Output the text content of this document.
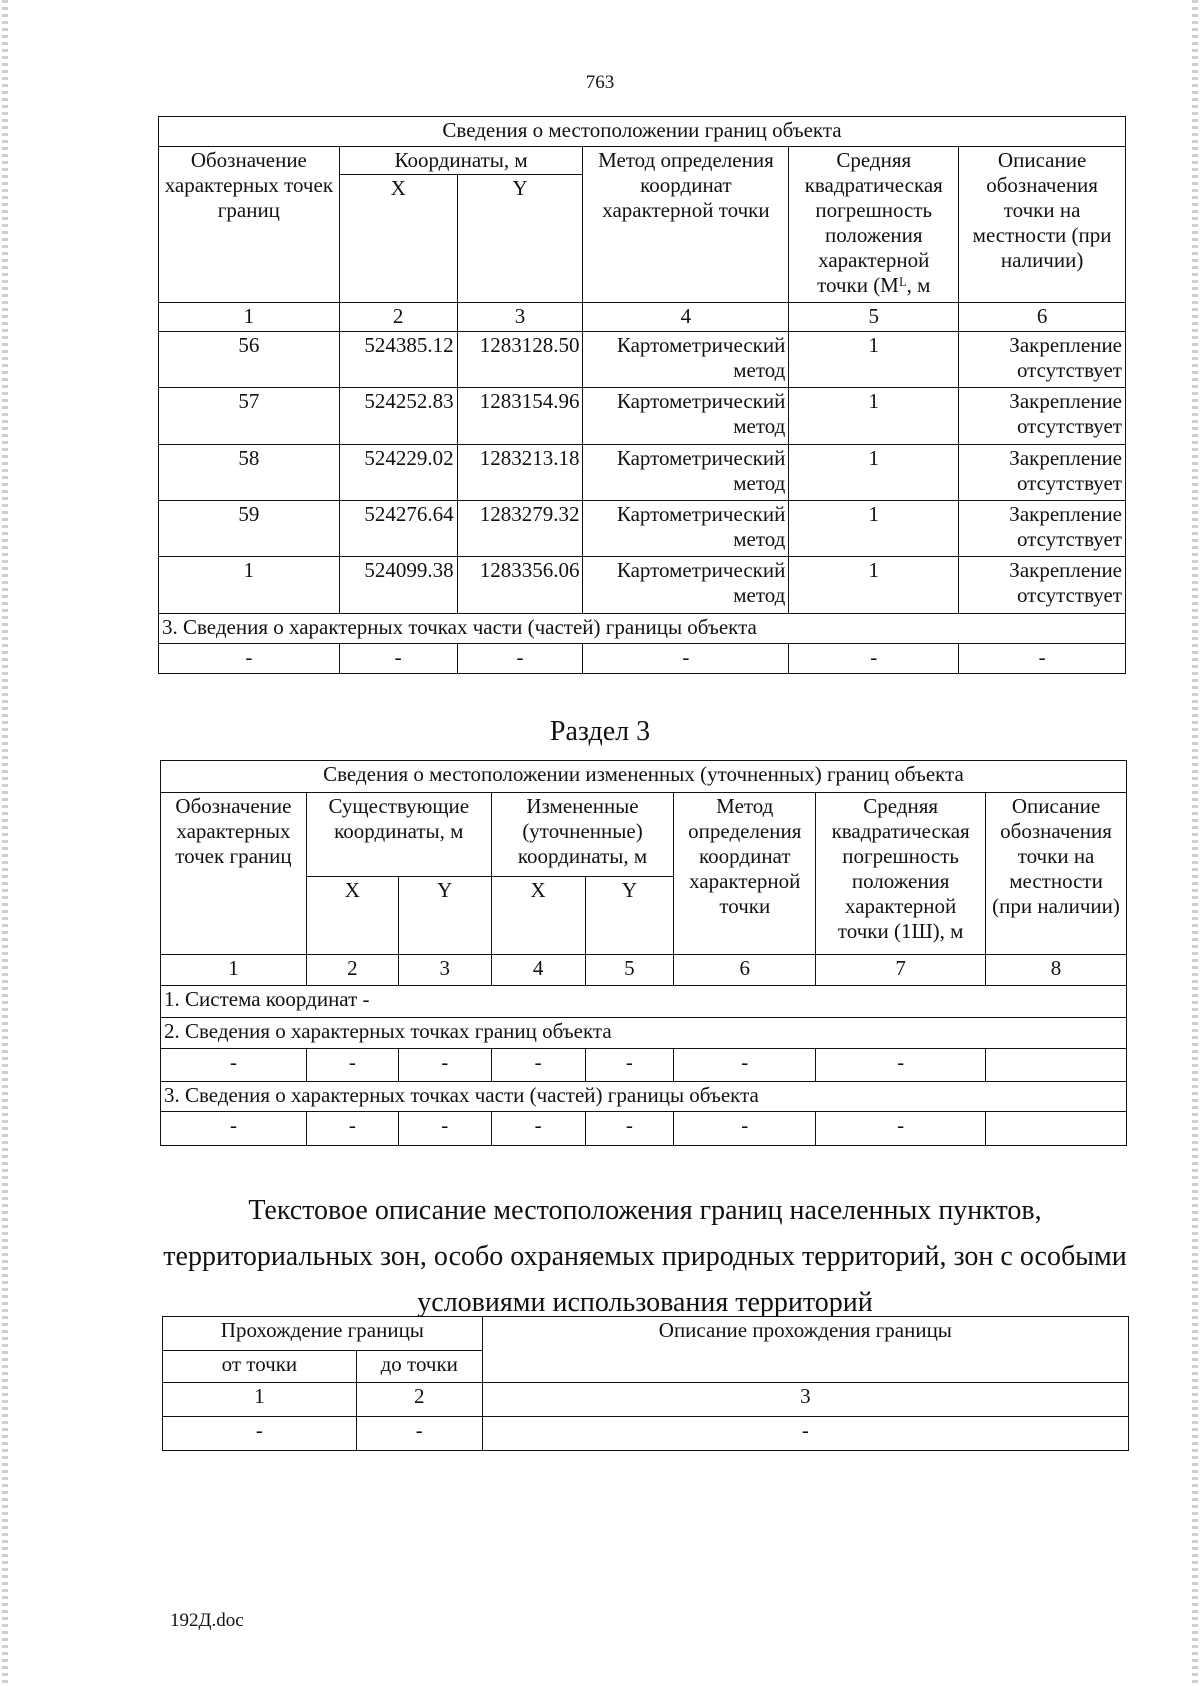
763
Сведения о местоположении границ объекта					
Обозначение характерных точек границ	Координаты, м		Метод определения координат характерной точки	Средняя квадратическая погрешность положения характерной точки (Mᴸ, м	Описание обозначения точки на местности (при наличии)
	X	Y			
1	2	3	4	5	6
56	524385.12	1283128.50	Картометрический метод	1	Закрепление отсутствует
57	524252.83	1283154.96	Картометрический метод	1	Закрепление отсутствует
58	524229.02	1283213.18	Картометрический метод	1	Закрепление отсутствует
59	524276.64	1283279.32	Картометрический метод	1	Закрепление отсутствует
1	524099.38	1283356.06	Картометрический метод	1	Закрепление отсутствует
3. Сведения о характерных точках части (частей) границы объекта					
-	-	-	-	-	-
Раздел 3
Сведения о местоположении измененных (уточненных) границ объекта							
Обозначение характерных точек границ	Существующие координаты, м		Измененные (уточненные) координаты, м		Метод определения координат характерной точки	Средняя квадратическая погрешность положения характерной точки (1Ш), м	Описание обозначения точки на местности (при наличии)
	X	Y	X	Y			
1	2	3	4	5	6	7	8
1. Система координат -							
2. Сведения о характерных точках границ объекта							
-	-	-	-	-	-	-	
3. Сведения о характерных точках части (частей) границы объекта							
-	-	-	-	-	-	-	
Текстовое описание местоположения границ населенных пунктов, территориальных зон, особо охраняемых природных территорий, зон с особыми условиями использования территорий
Прохождение границы		Описание прохождения границы
от точки	до точки	
1	2	3
-	-	-
192Д.doc
